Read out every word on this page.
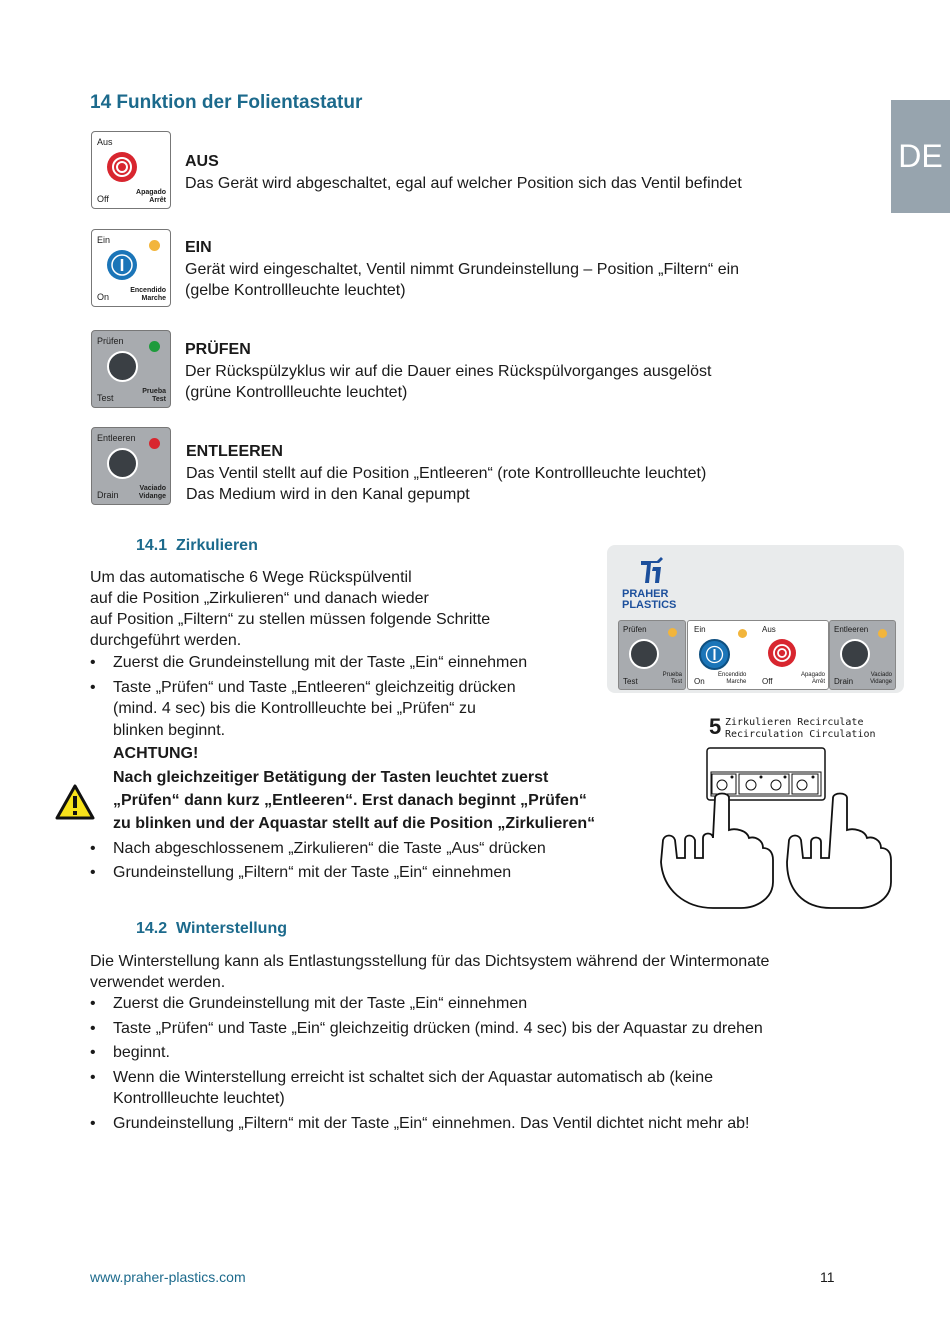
14 Funktion der Folientastatur
DE
Aus
Off
Apagado
Arrêt
AUS
Das Gerät wird abgeschaltet, egal auf welcher Position sich das Ventil befindet
Ein
On
Encendido
Marche
EIN
Gerät wird eingeschaltet, Ventil nimmt Grundeinstellung – Position „Filtern“ ein
(gelbe Kontrollleuchte leuchtet)
Prüfen
Test
Prueba
Test
PRÜFEN
Der Rückspülzyklus wir auf die Dauer eines Rückspülvorganges ausgelöst
(grüne Kontrollleuchte leuchtet)
Entleeren
Drain
Vaciado
Vidange
ENTLEEREN
Das Ventil stellt auf die Position „Entleeren“ (rote Kontrollleuchte leuchtet)
Das Medium wird in den Kanal gepumpt
14.1 Zirkulieren
Um das automatische 6 Wege Rückspülventil
auf die Position „Zirkulieren“ und danach wieder
auf Position „Filtern“ zu stellen müssen folgende Schritte
durchgeführt werden.
• Zuerst die Grundeinstellung mit der Taste „Ein“ einnehmen
• Taste „Prüfen“ und Taste „Entleeren“ gleichzeitig drücken
(mind. 4 sec) bis die Kontrollleuchte bei „Prüfen“ zu
blinken beginnt.
ACHTUNG!
Nach gleichzeitiger Betätigung der Tasten leuchtet zuerst
„Prüfen“ dann kurz „Entleeren“. Erst danach beginnt „Prüfen“
zu blinken und der Aquastar stellt auf die Position „Zirkulieren“
• Nach abgeschlossenem „Zirkulieren“ die Taste „Aus“ drücken
• Grundeinstellung „Filtern“ mit der Taste „Ein“ einnehmen
PRAHER
PLASTICS
Prüfen
Test
Prueba
Test
Ein
On
Encendido
Marche
Aus
Off
Apagado
Arrêt
Entleeren
Drain
Vaciado
Vidange
5 Zirkulieren Recirculate
Recirculation Circulation
14.2 Winterstellung
Die Winterstellung kann als Entlastungsstellung für das Dichtsystem während der Wintermonate
verwendet werden.
• Zuerst die Grundeinstellung mit der Taste „Ein“ einnehmen
• Taste „Prüfen“ und Taste „Ein“ gleichzeitig drücken (mind. 4 sec) bis der Aquastar zu drehen
• beginnt.
• Wenn die Winterstellung erreicht ist schaltet sich der Aquastar automatisch ab (keine
Kontrollleuchte leuchtet)
• Grundeinstellung „Filtern“ mit der Taste „Ein“ einnehmen. Das Ventil dichtet nicht mehr ab!
www.praher-plastics.com	11
